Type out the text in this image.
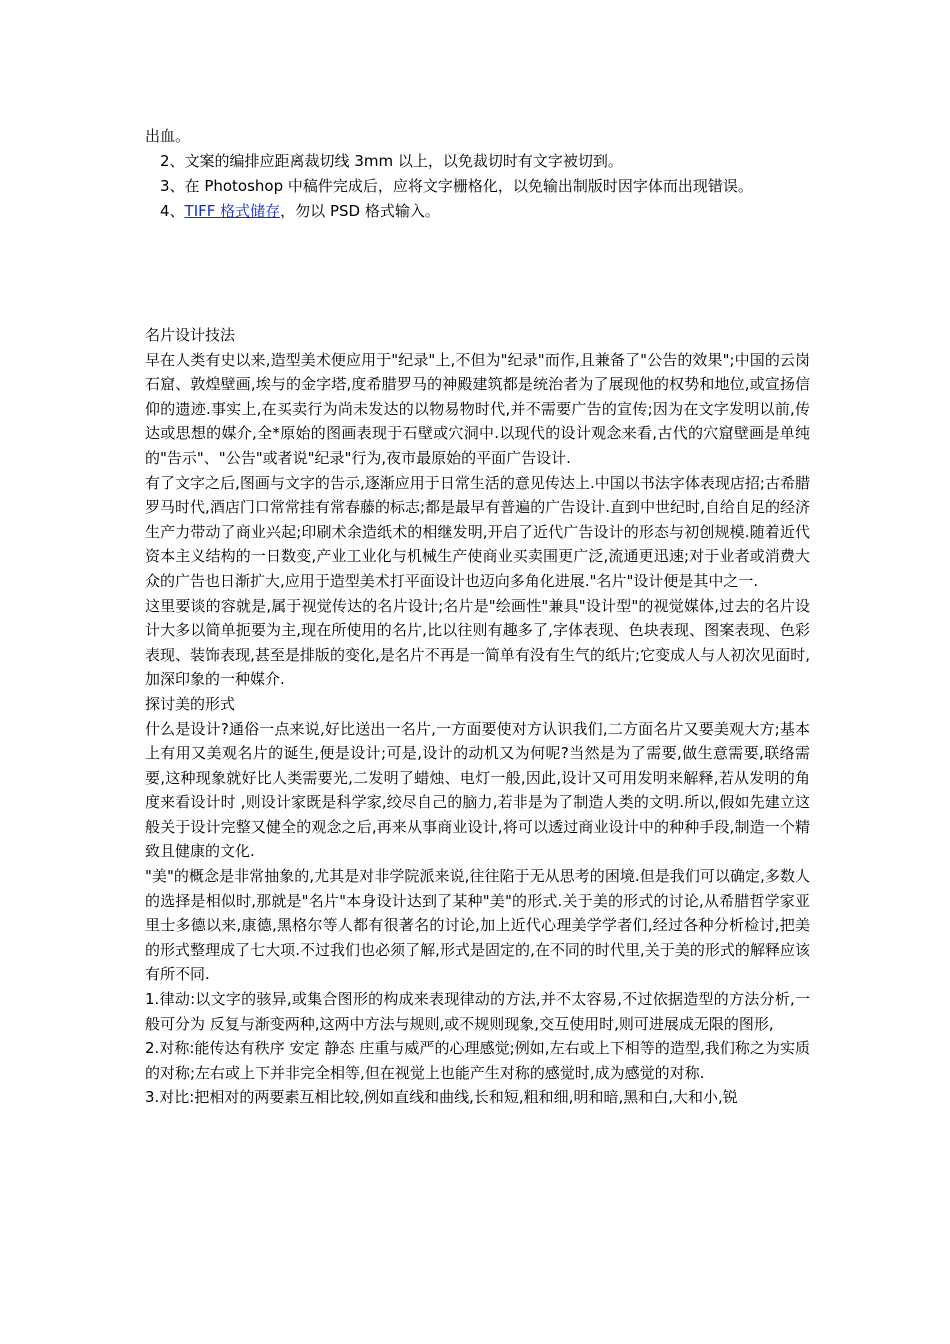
出血。
2、文案的编排应距离裁切线 3mm 以上，以免裁切时有文字被切到。
3、在 Photoshop 中稿件完成后，应将文字栅格化，以免输出制版时因字体而出现错误。
4、TIFF 格式储存，勿以 PSD 格式输入。

名片设计技法

早在人类有史以来,造型美术便应用于"纪录"上,不但为"纪录"而作,且兼备了"公告的效果";中国的云岗石窟、敦煌壁画,埃与的金字塔,度希腊罗马的神殿建筑都是统治者为了展现他的权势和地位,或宣扬信仰的遗迹.事实上,在买卖行为尚未发达的以物易物时代,并不需要广告的宣传;因为在文字发明以前,传达或思想的媒介,全*原始的图画表现于石壁或穴洞中.以现代的设计观念来看,古代的穴窟壁画是单纯的"告示"、"公告"或者说"纪录"行为,夜市最原始的平面广告设计.

有了文字之后,图画与文字的告示,逐渐应用于日常生活的意见传达上.中国以书法字体表现店招;古希腊罗马时代,酒店门口常常挂有常春藤的标志;都是最早有普遍的广告设计.直到中世纪时,自给自足的经济生产力带动了商业兴起;印刷术余造纸术的相继发明,开启了近代广告设计的形态与初创规模.随着近代资本主义结构的一日数变,产业工业化与机械生产使商业买卖围更广泛,流通更迅速;对于业者或消费大众的广告也日渐扩大,应用于造型美术打平面设计也迈向多角化进展."名片"设计便是其中之一.

这里要谈的容就是,属于视觉传达的名片设计;名片是"绘画性"兼具"设计型"的视觉媒体,过去的名片设计大多以简单扼要为主,现在所使用的名片,比以往则有趣多了,字体表现、色块表现、图案表现、色彩表现、装饰表现,甚至是排版的变化,是名片不再是一简单有没有生气的纸片;它变成人与人初次见面时,加深印象的一种媒介.

探讨美的形式

什么是设计?通俗一点来说,好比送出一名片,一方面要使对方认识我们,二方面名片又要美观大方;基本上有用又美观名片的诞生,便是设计;可是,设计的动机又为何呢?当然是为了需要,做生意需要,联络需要,这种现象就好比人类需要光,二发明了蜡烛、电灯一般,因此,设计又可用发明来解释,若从发明的角度来看设计时 ,则设计家既是科学家,绞尽自己的脑力,若非是为了制造人类的文明.所以,假如先建立这般关于设计完整又健全的观念之后,再来从事商业设计,将可以透过商业设计中的种种手段,制造一个精致且健康的文化.

"美"的概念是非常抽象的,尤其是对非学院派来说,往往陷于无从思考的困境.但是我们可以确定,多数人的选择是相似时,那就是"名片"本身设计达到了某种"美"的形式.关于美的形式的讨论,从希腊哲学家亚里士多德以来,康德,黑格尔等人都有很著名的讨论,加上近代心理美学学者们,经过各种分析检讨,把美的形式整理成了七大项.不过我们也必须了解,形式是固定的,在不同的时代里,关于美的形式的解释应该有所不同.

1.律动:以文字的骇异,或集合图形的构成来表现律动的方法,并不太容易,不过依据造型的方法分析,一般可分为 反复与渐变两种,这两中方法与规则,或不规则现象,交互使用时,则可进展成无限的图形,

2.对称:能传达有秩序 安定 静态 庄重与威严的心理感觉;例如,左右或上下相等的造型,我们称之为实质的对称;左右或上下并非完全相等,但在视觉上也能产生对称的感觉时,成为感觉的对称.

3.对比:把相对的两要素互相比较,例如直线和曲线,长和短,粗和细,明和暗,黑和白,大和小,锐
